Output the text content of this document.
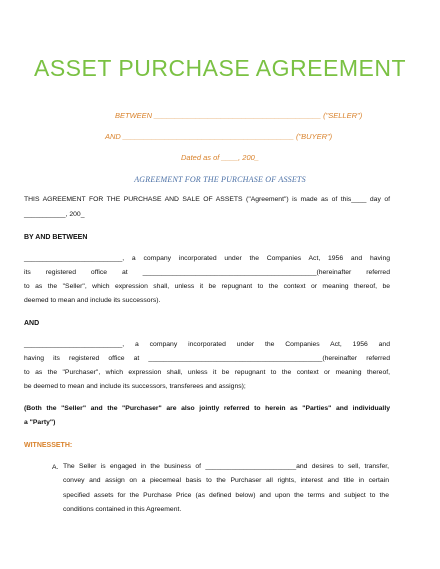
ASSET PURCHASE AGREEMENT
BETWEEN ________________________________________ ("SELLER")
AND _________________________________________ ("BUYER")
Dated as of ____, 200_
AGREEMENT FOR THE PURCHASE OF ASSETS
THIS AGREEMENT FOR THE PURCHASE AND SALE OF ASSETS ("Agreement") is made as of this____ day of
___________, 200_
BY AND BETWEEN
__________________________, a company incorporated under the Companies Act, 1956 and having
its registered office at ______________________________________________(hereinafter referred
to as the "Seller", which expression shall, unless it be repugnant to the context or meaning thereof, be
deemed to mean and include its successors).
AND
__________________________, a company incorporated under the Companies Act, 1956 and
having its registered office at ______________________________________________(hereinafter referred
to as the "Purchaser", which expression shall, unless it be repugnant to the context or meaning thereof,
be deemed to mean and include its successors, transferees and assigns);
(Both the "Seller" and the "Purchaser" are also jointly referred to herein as "Parties" and individually
a "Party")
WITNESSETH:
A. The Seller is engaged in the business of ________________________and desires to sell, transfer,
convey and assign on a piecemeal basis to the Purchaser all rights, interest and title in certain
specified assets for the Purchase Price (as defined below) and upon the terms and subject to the
conditions contained in this Agreement.
